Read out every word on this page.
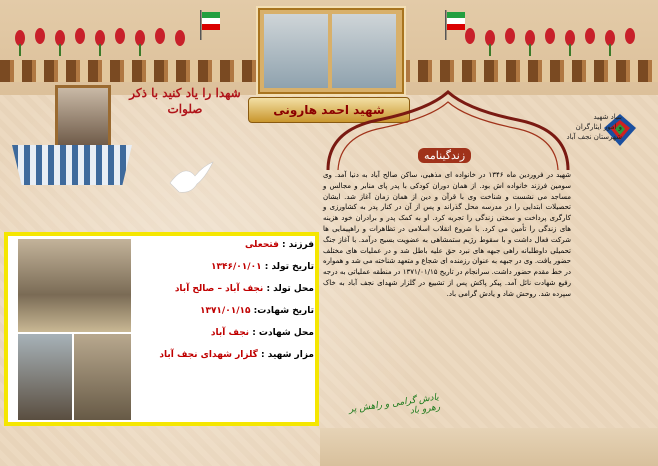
شهدا را یاد کنید با ذکر صلوات	شهید احمد هارونی
زندگینامه
بنیاد شهید
و امور ایثارگران
شهرستان نجف آباد

شهید در فروردین ماه ۱۳۴۶ در خانواده ای مذهبی، ساکن صالح آباد به دنیا آمد. وی سومین فرزند خانواده اش بود. از همان دوران کودکی با پدر پای منابر و مجالس و مساجد می نشست و شناخت وی با قرآن و دین از همان زمان آغاز شد. ایشان تحصیلات ابتدایی را در مدرسه محل گذراند و پس از آن در کنار پدر به کشاورزی و کارگری پرداخت و سختی زندگی را تجربه کرد. او به کمک پدر و برادران خود هزینه های زندگی را تأمین می کرد. با شروع انقلاب اسلامی در تظاهرات و راهپیمایی ها شرکت فعال داشت و با سقوط رژیم ستمشاهی به عضویت بسیج درآمد. با آغاز جنگ تحمیلی داوطلبانه راهی جبهه های نبرد حق علیه باطل شد و در عملیات های مختلف حضور یافت. وی در جبهه به عنوان رزمنده ای شجاع و متعهد شناخته می شد و همواره در خط مقدم حضور داشت. سرانجام در تاریخ ۱۳۷۱/۰۱/۱۵ در منطقه عملیاتی به درجه رفیع شهادت نائل آمد. پیکر پاکش پس از تشییع در گلزار شهدای نجف آباد به خاک سپرده شد. روحش شاد و یادش گرامی باد.

یادش گرامی و راهش پر رهرو باد
فرزند : فتحعلی
تاریخ تولد : ۱۳۴۶/۰۱/۰۱
محل تولد : نجف آباد – صالح آباد
تاریخ شهادت: ۱۳۷۱/۰۱/۱۵
محل شهادت : نجف آباد
مزار شهید : گلزار شهدای نجف آباد
